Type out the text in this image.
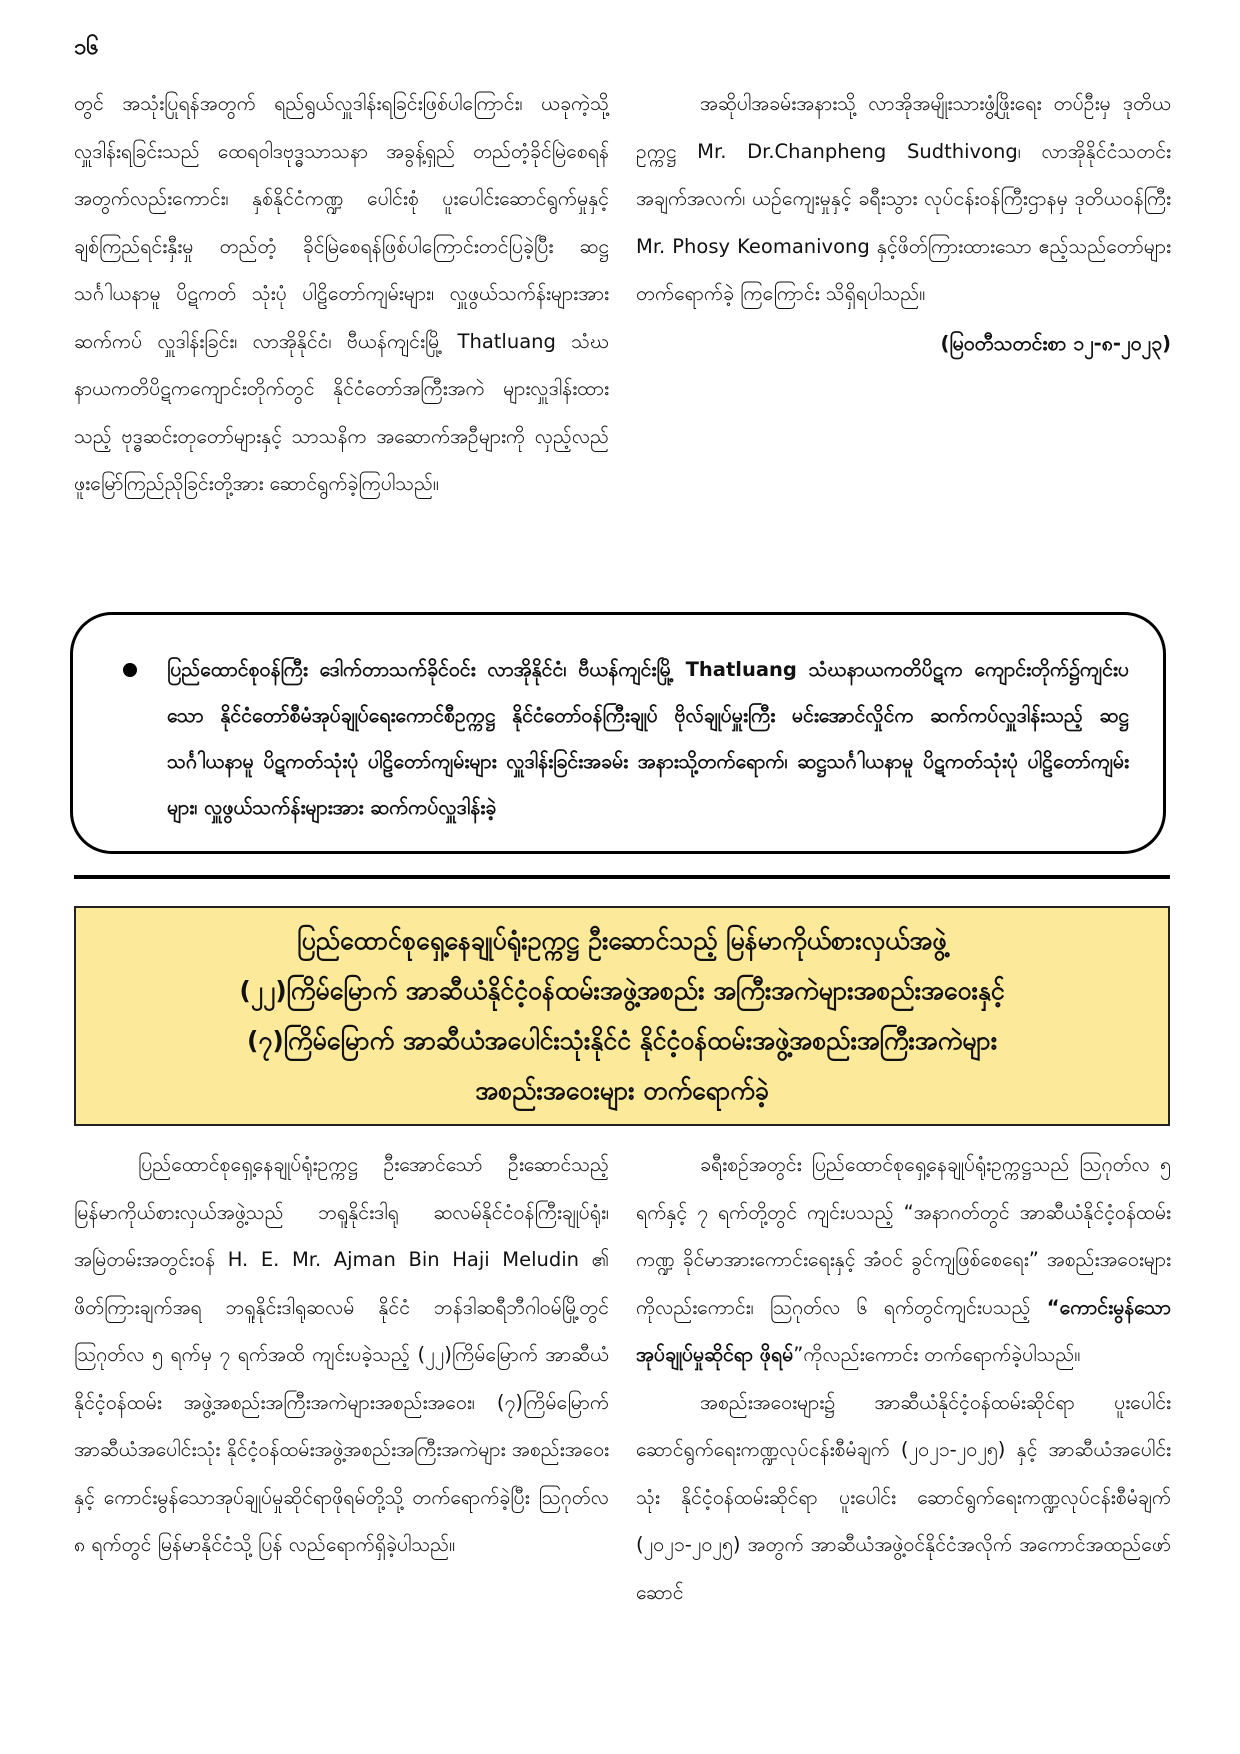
၁၆

တွင် အသုံးပြုရန်အတွက် ရည်ရွယ်လှူဒါန်းရခြင်းဖြစ်ပါကြောင်း၊ ယခုကဲ့သို့ လှူဒါန်းရခြင်းသည် ထေရဝါဒဗုဒ္ဓသာသနာ အခွန့်ရှည် တည်တံ့ခိုင်မြဲစေရန်အတွက်လည်းကောင်း၊ နှစ်နိုင်ငံကဏ္ဍ ပေါင်းစုံ ပူးပေါင်းဆောင်ရွက်မှုနှင့် ချစ်ကြည်ရင်းနှီးမှု တည်တံ့ ခိုင်မြဲစေရန်ဖြစ်ပါကြောင်းတင်ပြခဲ့ပြီး ဆဋ္ဌသင်္ဂါယနာမူ ပိဋကတ် သုံးပုံ ပါဠိတော်ကျမ်းများ၊ လှူဖွယ်သက်န်းများအား ဆက်ကပ် လှူဒါန်းခြင်း၊ လာအိုနိုင်ငံ၊ ဗီယန်ကျင်းမြို့ Thatluang သံဃ နာယကတိပိဋကကျောင်းတိုက်တွင် နိုင်ငံတော်အကြီးအကဲ များလှူဒါန်းထားသည့် ဗုဒ္ဓဆင်းတုတော်များနှင့် သာသနိက အဆောက်အဦများကို လှည့်လည်ဖူးမြော်ကြည်ညိုခြင်းတို့အား ဆောင်ရွက်ခဲ့ကြပါသည်။

အဆိုပါအခမ်းအနားသို့ လာအိုအမျိုးသားဖွံ့ဖြိုးရေး တပ်ဦးမှ ဒုတိယဥက္ကဋ္ဌ Mr. Dr.Chanpheng Sudthivong၊ လာအိုနိုင်ငံသတင်းအချက်အလက်၊ ယဉ်ကျေးမှုနှင့် ခရီးသွား လုပ်ငန်းဝန်ကြီးဌာနမှ ဒုတိယဝန်ကြီး Mr. Phosy Keomanivong နှင့်ဖိတ်ကြားထားသော ဧည့်သည်တော်များ တက်ရောက်ခဲ့ ကြကြောင်း သိရှိရပါသည်။

(မြဝတီသတင်းစာ ၁၂-၈-၂၀၂၃)

ပြည်ထောင်စုဝန်ကြီး ဒေါက်တာသက်ခိုင်ဝင်း လာအိုနိုင်ငံ၊ ဗီယန်ကျင်းမြို့ Thatluang သံဃနာယကတိပိဋက ကျောင်းတိုက်၌ကျင်းပသော နိုင်ငံတော်စီမံအုပ်ချုပ်ရေးကောင်စီဥက္ကဋ္ဌ နိုင်ငံတော်ဝန်ကြီးချုပ် ဗိုလ်ချုပ်မှူးကြီး မင်းအောင်လှိုင်က ဆက်ကပ်လှူဒါန်းသည့် ဆဋ္ဌသင်္ဂါယနာမူ ပိဋကတ်သုံးပုံ ပါဠိတော်ကျမ်းများ လှူဒါန်းခြင်းအခမ်း အနားသို့တက်ရောက်၊ ဆဋ္ဌသင်္ဂါယနာမူ ပိဋကတ်သုံးပုံ ပါဠိတော်ကျမ်းများ၊ လှူဖွယ်သက်န်းများအား ဆက်ကပ်လှူဒါန်းခဲ့
ပြည်ထောင်စုရှေ့နေချုပ်ရုံးဥက္ကဋ္ဌ ဦးဆောင်သည့် မြန်မာကိုယ်စားလှယ်အဖွဲ့
(၂၂)ကြိမ်မြောက် အာဆီယံနိုင်ငံ့ဝန်ထမ်းအဖွဲ့အစည်း အကြီးအကဲများအစည်းအဝေးနှင့်
(၇)ကြိမ်မြောက် အာဆီယံအပေါင်းသုံးနိုင်ငံ နိုင်ငံ့ဝန်ထမ်းအဖွဲ့အစည်းအကြီးအကဲများ
အစည်းအဝေးများ တက်ရောက်ခဲ့

ပြည်ထောင်စုရှေ့နေချုပ်ရုံးဥက္ကဋ္ဌ ဦးအောင်သော် ဦးဆောင်သည့် မြန်မာကိုယ်စားလှယ်အဖွဲ့သည် ဘရူနိုင်းဒါရု ဆလမ်နိုင်ငံဝန်ကြီးချုပ်ရုံး၊ အမြဲတမ်းအတွင်းဝန် H. E. Mr. Ajman Bin Haji Meludin ၏ ဖိတ်ကြားချက်အရ ဘရူနိုင်းဒါရုဆလမ် နိုင်ငံ ဘန်ဒါဆရီဘီဂါဝမ်မြို့တွင် ဩဂုတ်လ ၅ ရက်မှ ၇ ရက်အထိ ကျင်းပခဲ့သည့် (၂၂)ကြိမ်မြောက် အာဆီယံနိုင်ငံ့ဝန်ထမ်း အဖွဲ့အစည်းအကြီးအကဲများအစည်းအဝေး၊ (၇)ကြိမ်မြောက် အာဆီယံအပေါင်းသုံး နိုင်ငံ့ဝန်ထမ်းအဖွဲ့အစည်းအကြီးအကဲများ အစည်းအဝေးနှင့် ကောင်းမွန်သောအုပ်ချုပ်မှုဆိုင်ရာဖိုရမ်တို့သို့ တက်ရောက်ခဲ့ပြီး ဩဂုတ်လ ၈ ရက်တွင် မြန်မာနိုင်ငံသို့ ပြန် လည်ရောက်ရှိခဲ့ပါသည်။

ခရီးစဉ်အတွင်း ပြည်ထောင်စုရှေ့နေချုပ်ရုံးဥက္ကဋ္ဌသည် ဩဂုတ်လ ၅ ရက်နှင့် ၇ ရက်တို့တွင် ကျင်းပသည့် “အနာဂတ်တွင် အာဆီယံနိုင်ငံ့ဝန်ထမ်းကဏ္ဍ ခိုင်မာအားကောင်းရေးနှင့် အံဝင် ခွင်ကျဖြစ်စေရေး” အစည်းအဝေးများကိုလည်းကောင်း၊ ဩဂုတ်လ ၆ ရက်တွင်ကျင်းပသည့် “ကောင်းမွန်သော အုပ်ချုပ်မှုဆိုင်ရာ ဖိုရမ်”ကိုလည်းကောင်း တက်ရောက်ခဲ့ပါသည်။

အစည်းအဝေးများ၌ အာဆီယံနိုင်ငံ့ဝန်ထမ်းဆိုင်ရာ ပူးပေါင်းဆောင်ရွက်ရေးကဏ္ဍလုပ်ငန်းစီမံချက် (၂၀၂၁-၂၀၂၅) နှင့် အာဆီယံအပေါင်းသုံး နိုင်ငံ့ဝန်ထမ်းဆိုင်ရာ ပူးပေါင်း ဆောင်ရွက်ရေးကဏ္ဍလုပ်ငန်းစီမံချက် (၂၀၂၁-၂၀၂၅) အတွက် အာဆီယံအဖွဲ့ဝင်နိုင်ငံအလိုက် အကောင်အထည်ဖော်ဆောင်
